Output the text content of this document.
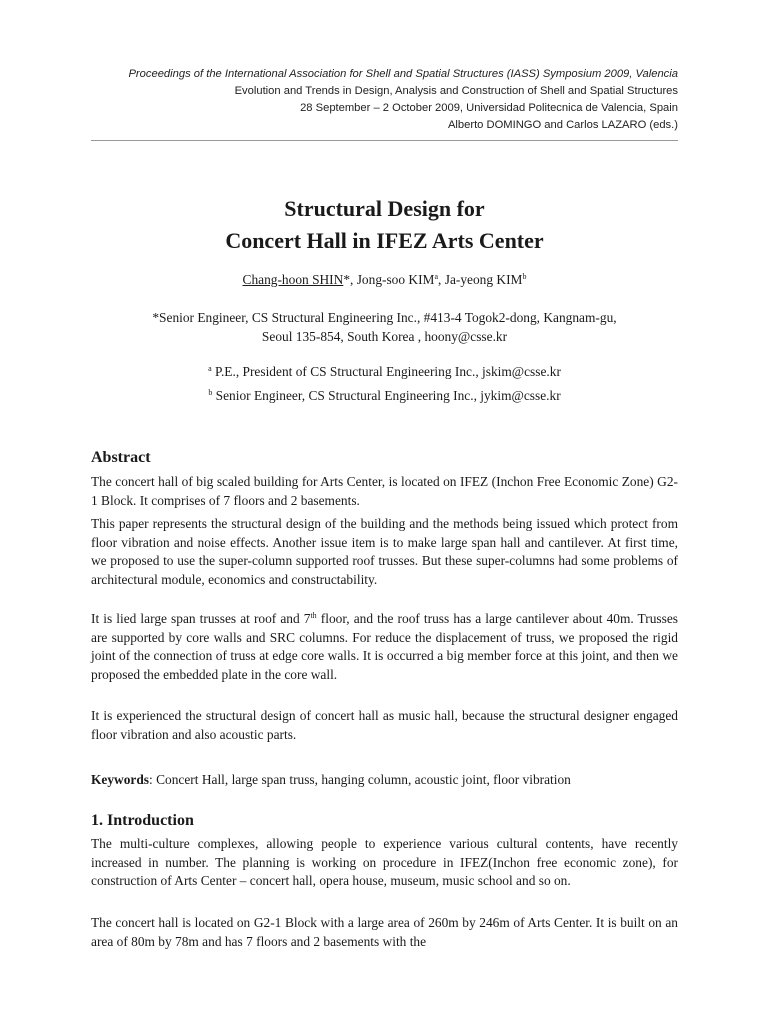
Proceedings of the International Association for Shell and Spatial Structures (IASS) Symposium 2009, Valencia
Evolution and Trends in Design, Analysis and Construction of Shell and Spatial Structures
28 September – 2 October 2009, Universidad Politecnica de Valencia, Spain
Alberto DOMINGO and Carlos LAZARO (eds.)
Structural Design for
Concert Hall in IFEZ Arts Center
Chang-hoon SHIN*, Jong-soo KIM$^a$, Ja-yeong KIM$^b$
*Senior Engineer, CS Structural Engineering Inc., #413-4 Togok2-dong, Kangnam-gu,
Seoul 135-854, South Korea , hoony@csse.kr
$^a$ P.E., President of CS Structural Engineering Inc., jskim@csse.kr
$^b$ Senior Engineer, CS Structural Engineering Inc., jykim@csse.kr
Abstract

The concert hall of big scaled building for Arts Center, is located on IFEZ (Inchon Free Economic Zone) G2-1 Block. It comprises of 7 floors and 2 basements.

This paper represents the structural design of the building and the methods being issued which protect from floor vibration and noise effects. Another issue item is to make large span hall and cantilever. At first time, we proposed to use the super-column supported roof trusses. But these super-columns had some problems of architectural module, economics and constructability.

It is lied large span trusses at roof and 7th floor, and the roof truss has a large cantilever about 40m. Trusses are supported by core walls and SRC columns. For reduce the displacement of truss, we proposed the rigid joint of the connection of truss at edge core walls. It is occurred a big member force at this joint, and then we proposed the embedded plate in the core wall.

It is experienced the structural design of concert hall as music hall, because the structural designer engaged floor vibration and also acoustic parts.

Keywords: Concert Hall, large span truss, hanging column, acoustic joint, floor vibration
1. Introduction

The multi-culture complexes, allowing people to experience various cultural contents, have recently increased in number. The planning is working on procedure in IFEZ(Inchon free economic zone), for construction of Arts Center – concert hall, opera house, museum, music school and so on.

The concert hall is located on G2-1 Block with a large area of 260m by 246m of Arts Center. It is built on an area of 80m by 78m and has 7 floors and 2 basements with the
